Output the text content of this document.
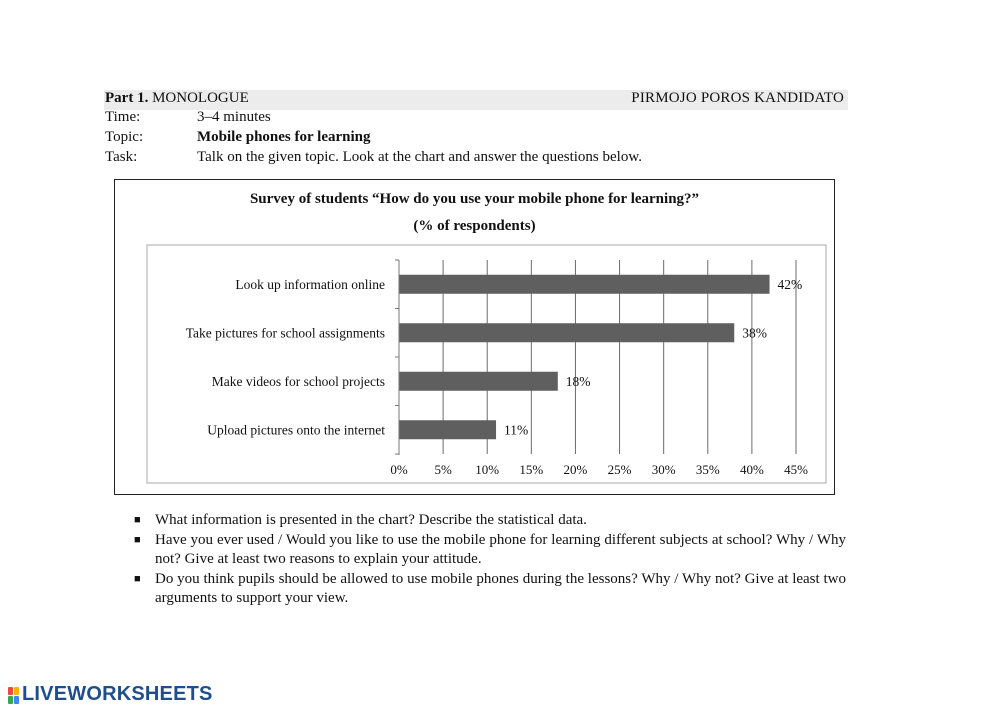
Part 1. MONOLOGUE	PIRMOJO POROS KANDIDATO
Time:	3–4 minutes
Topic:	Mobile phones for learning
Task:	Talk on the given topic. Look at the chart and answer the questions below.
Survey of students “How do you use your mobile phone for learning?”
(% of respondents)
Look up information online
Take pictures for school assignments
Make videos for school projects
Upload pictures onto the internet
42%
38%
18%
11%
0% 5% 10% 15% 20% 25% 30% 35% 40% 45%
■ What information is presented in the chart? Describe the statistical data.
■ Have you ever used / Would you like to use the mobile phone for learning different subjects at school? Why / Why not? Give at least two reasons to explain your attitude.
■ Do you think pupils should be allowed to use mobile phones during the lessons? Why / Why not? Give at least two arguments to support your view.
LIVEWORKSHEETS
